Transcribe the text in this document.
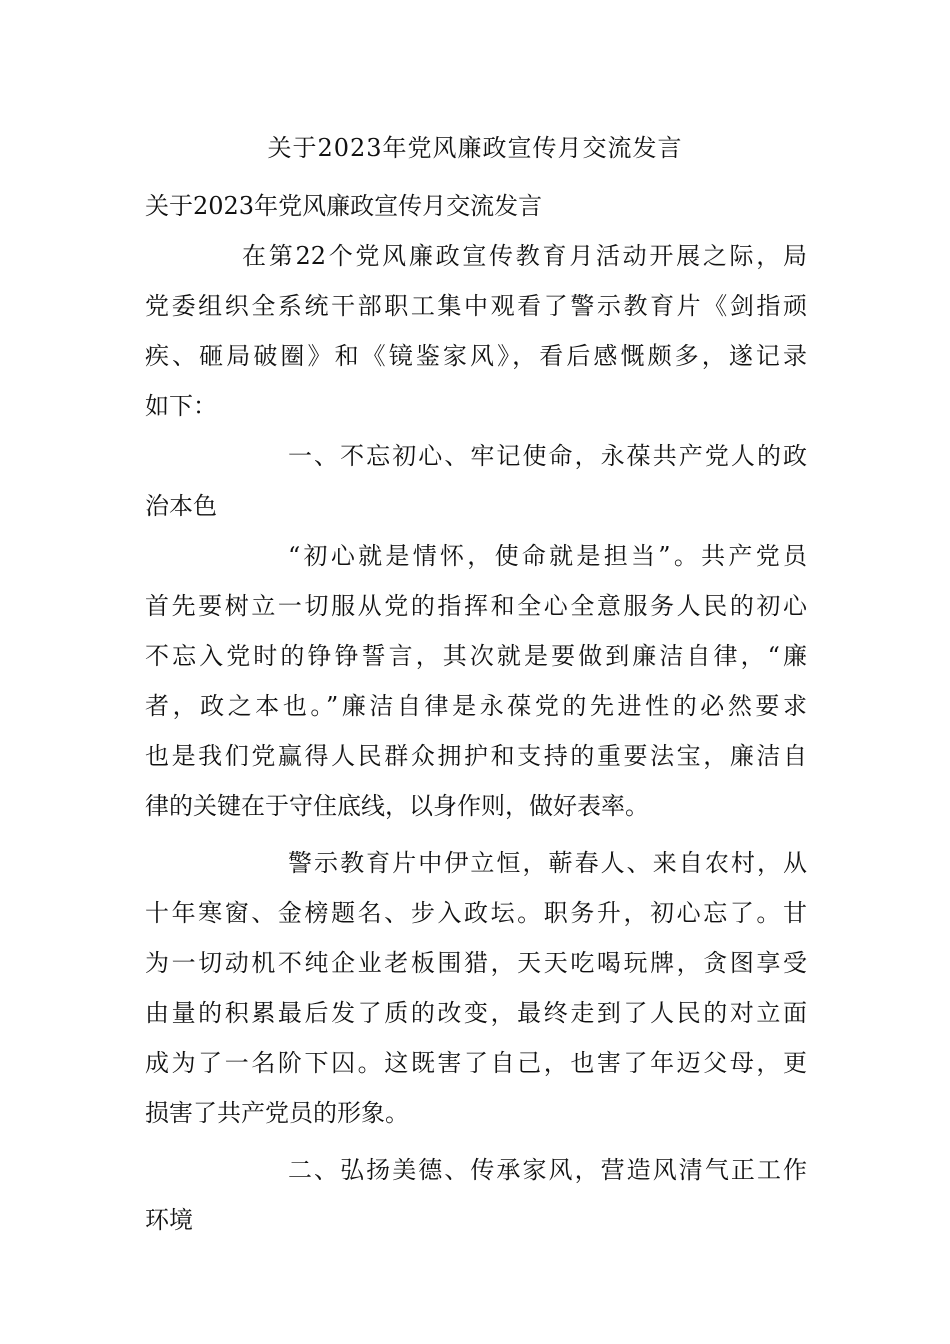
关于2023年党风廉政宣传月交流发言
关于2023年党风廉政宣传月交流发言
在第22个党风廉政宣传教育月活动开展之际，局
党委组织全系统干部职工集中观看了警示教育片《剑指顽
疾、砸局破圈》和《镜鉴家风》，看后感慨颇多，遂记录
如下：
一、不忘初心、牢记使命，永葆共产党人的政
治本色
“初心就是情怀，使命就是担当”。共产党员
首先要树立一切服从党的指挥和全心全意服务人民的初心
不忘入党时的铮铮誓言，其次就是要做到廉洁自律，“廉
者，政之本也。”廉洁自律是永葆党的先进性的必然要求
也是我们党赢得人民群众拥护和支持的重要法宝，廉洁自
律的关键在于守住底线，以身作则，做好表率。
警示教育片中伊立恒，蕲春人、来自农村，从
十年寒窗、金榜题名、步入政坛。职务升，初心忘了。甘
为一切动机不纯企业老板围猎，天天吃喝玩牌，贪图享受
由量的积累最后发了质的改变，最终走到了人民的对立面
成为了一名阶下囚。这既害了自己，也害了年迈父母，更
损害了共产党员的形象。
二、弘扬美德、传承家风，营造风清气正工作
环境
